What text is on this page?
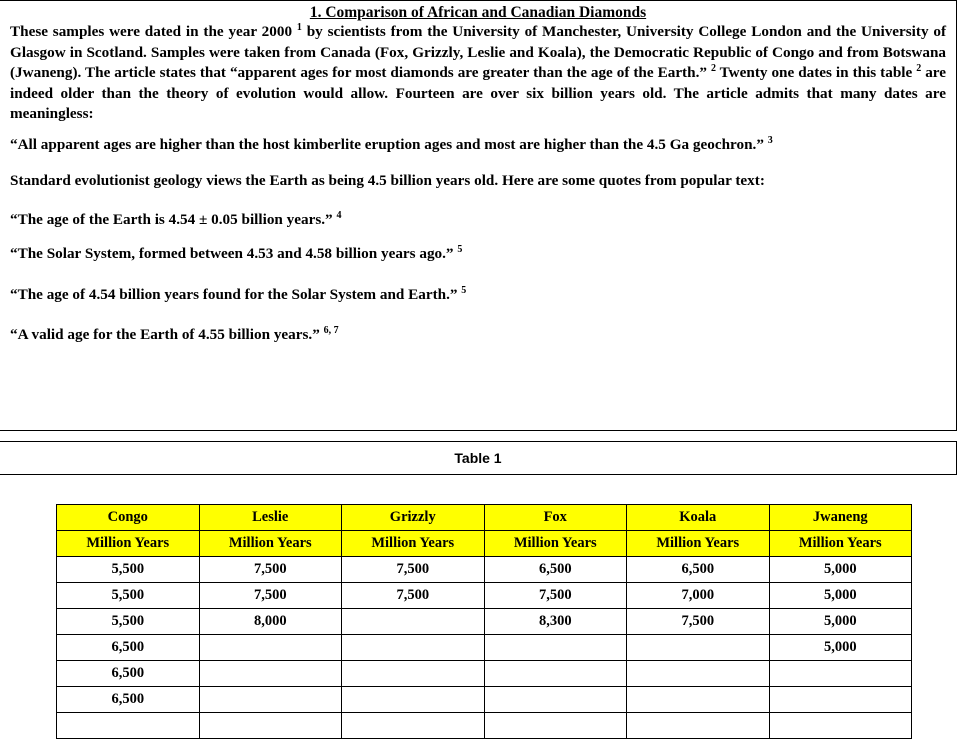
1. Comparison of African and Canadian Diamonds

These samples were dated in the year 2000 $^1$ by scientists from the University of Manchester, University College London and the University of Glasgow in Scotland. Samples were taken from Canada (Fox, Grizzly, Leslie and Koala), the Democratic Republic of Congo and from Botswana (Jwaneng). The article states that “apparent ages for most diamonds are greater than the age of the Earth.” $^2$ Twenty one dates in this table $^2$ are indeed older than the theory of evolution would allow. Fourteen are over six billion years old. The article admits that many dates are meaningless:

“All apparent ages are higher than the host kimberlite eruption ages and most are higher than the 4.5 Ga geochron.” $^3$

Standard evolutionist geology views the Earth as being 4.5 billion years old. Here are some quotes from popular text:

“The age of the Earth is 4.54 ± 0.05 billion years.” $^4$

“The Solar System, formed between 4.53 and 4.58 billion years ago.” $^5$

“The age of 4.54 billion years found for the Solar System and Earth.” $^5$

“A valid age for the Earth of 4.55 billion years.” $^{6, 7}$

Table 1
Congo	Leslie	Grizzly	Fox	Koala	Jwaneng
Million Years	Million Years	Million Years	Million Years	Million Years	Million Years
5,500	7,500	7,500	6,500	6,500	5,000
5,500	7,500	7,500	7,500	7,000	5,000
5,500	8,000		8,300	7,500	5,000
6,500					5,000
6,500					
6,500					
